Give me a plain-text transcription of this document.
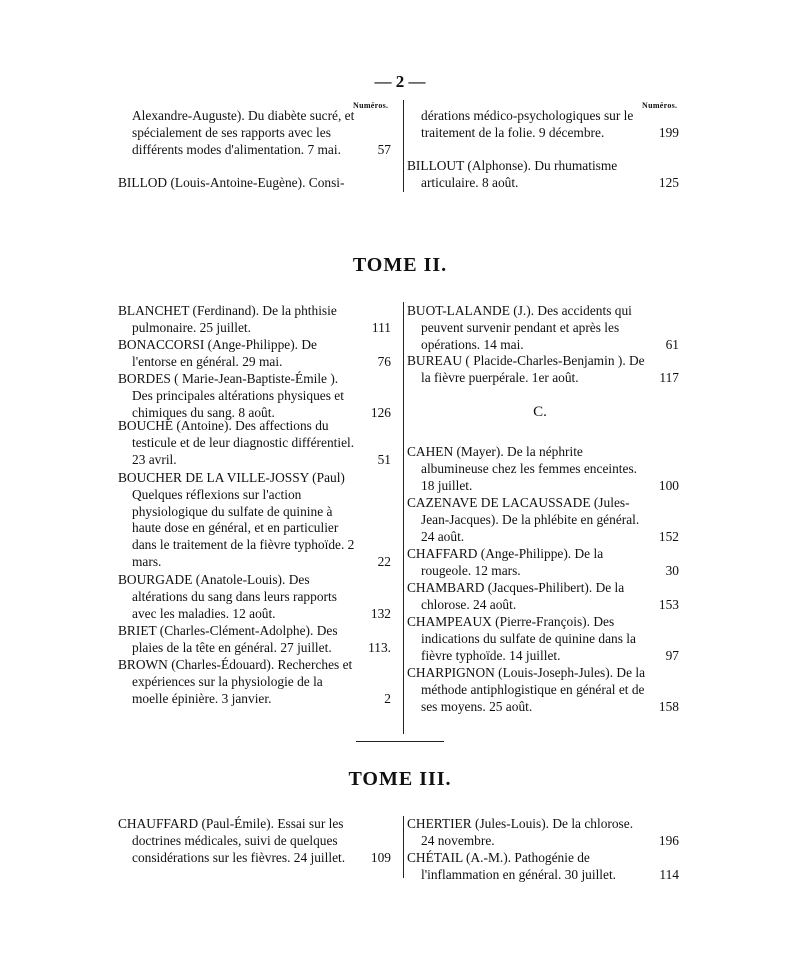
— 2 —
Numéros.	Numéros.
Alexandre-Auguste). Du diabète sucré, et spécialement de ses rapports avec les différents modes d'alimentation. 7 mai.	57
BILLOD (Louis-Antoine-Eugène). Consi-
dérations médico-psychologiques sur le traitement de la folie. 9 décembre.	199
BILLOUT (Alphonse). Du rhumatisme articulaire. 8 août.	125
TOME II.
BLANCHET (Ferdinand). De la phthisie pulmonaire. 25 juillet.	111
BONACCORSI (Ange-Philippe). De l'entorse en général. 29 mai.	76
BORDES ( Marie-Jean-Baptiste-Émile ). Des principales altérations physiques et chimiques du sang. 8 août.	126
BOUCHÉ (Antoine). Des affections du testicule et de leur diagnostic différentiel. 23 avril.	51
BOUCHER DE LA VILLE-JOSSY (Paul) Quelques réflexions sur l'action physiologique du sulfate de quinine à haute dose en général, et en particulier dans le traitement de la fièvre typhoïde. 2 mars.	22
BOURGADE (Anatole-Louis). Des altérations du sang dans leurs rapports avec les maladies. 12 août.	132
BRIET (Charles-Clément-Adolphe). Des plaies de la tête en général. 27 juillet.	113.
BROWN (Charles-Édouard). Recherches et expériences sur la physiologie de la moelle épinière. 3 janvier.	2
BUOT-LALANDE (J.). Des accidents qui peuvent survenir pendant et après les opérations. 14 mai.	61
BUREAU ( Placide-Charles-Benjamin ). De la fièvre puerpérale. 1er août.	117
C.
CAHEN (Mayer). De la néphrite albumineuse chez les femmes enceintes. 18 juillet.	100
CAZENAVE DE LACAUSSADE (Jules-Jean-Jacques). De la phlébite en général. 24 août.	152
CHAFFARD (Ange-Philippe). De la rougeole. 12 mars.	30
CHAMBARD (Jacques-Philibert). De la chlorose. 24 août.	153
CHAMPEAUX (Pierre-François). Des indications du sulfate de quinine dans la fièvre typhoïde. 14 juillet.	97
CHARPIGNON (Louis-Joseph-Jules). De la méthode antiphlogistique en général et de ses moyens. 25 août.	158
TOME III.
CHAUFFARD (Paul-Émile). Essai sur les doctrines médicales, suivi de quelques considérations sur les fièvres. 24 juillet.	109
CHERTIER (Jules-Louis). De la chlorose. 24 novembre.	196
CHÉTAIL (A.-M.). Pathogénie de l'inflammation en général. 30 juillet.	114
